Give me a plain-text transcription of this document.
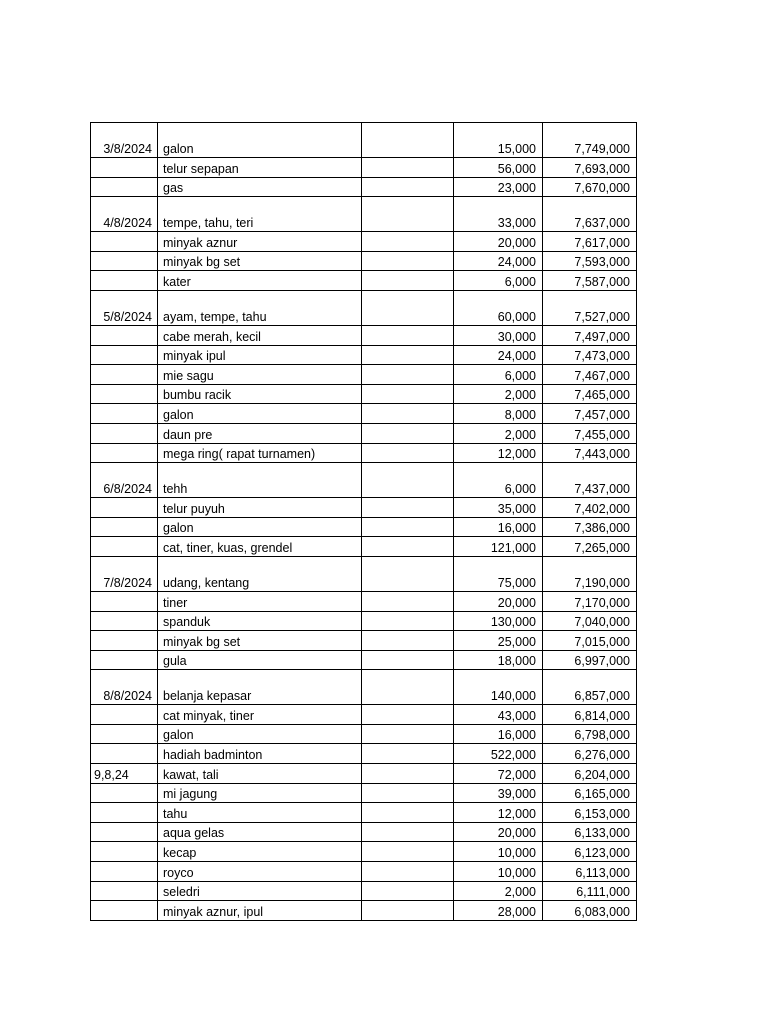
3/8/2024	galon		15,000	7,749,000
	telur sepapan		56,000	7,693,000
	gas		23,000	7,670,000
4/8/2024	tempe, tahu, teri		33,000	7,637,000
	minyak aznur		20,000	7,617,000
	minyak bg set		24,000	7,593,000
	kater		6,000	7,587,000
5/8/2024	ayam, tempe, tahu		60,000	7,527,000
	cabe merah, kecil		30,000	7,497,000
	minyak ipul		24,000	7,473,000
	mie sagu		6,000	7,467,000
	bumbu racik		2,000	7,465,000
	galon		8,000	7,457,000
	daun pre		2,000	7,455,000
	mega ring( rapat turnamen)		12,000	7,443,000
6/8/2024	tehh		6,000	7,437,000
	telur puyuh		35,000	7,402,000
	galon		16,000	7,386,000
	cat, tiner, kuas, grendel		121,000	7,265,000
7/8/2024	udang, kentang		75,000	7,190,000
	tiner		20,000	7,170,000
	spanduk		130,000	7,040,000
	minyak bg set		25,000	7,015,000
	gula		18,000	6,997,000
8/8/2024	belanja kepasar		140,000	6,857,000
	cat minyak, tiner		43,000	6,814,000
	galon		16,000	6,798,000
	hadiah badminton		522,000	6,276,000
9,8,24	kawat, tali		72,000	6,204,000
	mi jagung		39,000	6,165,000
	tahu		12,000	6,153,000
	aqua gelas		20,000	6,133,000
	kecap		10,000	6,123,000
	royco		10,000	6,113,000
	seledri		2,000	6,111,000
	minyak aznur, ipul		28,000	6,083,000
